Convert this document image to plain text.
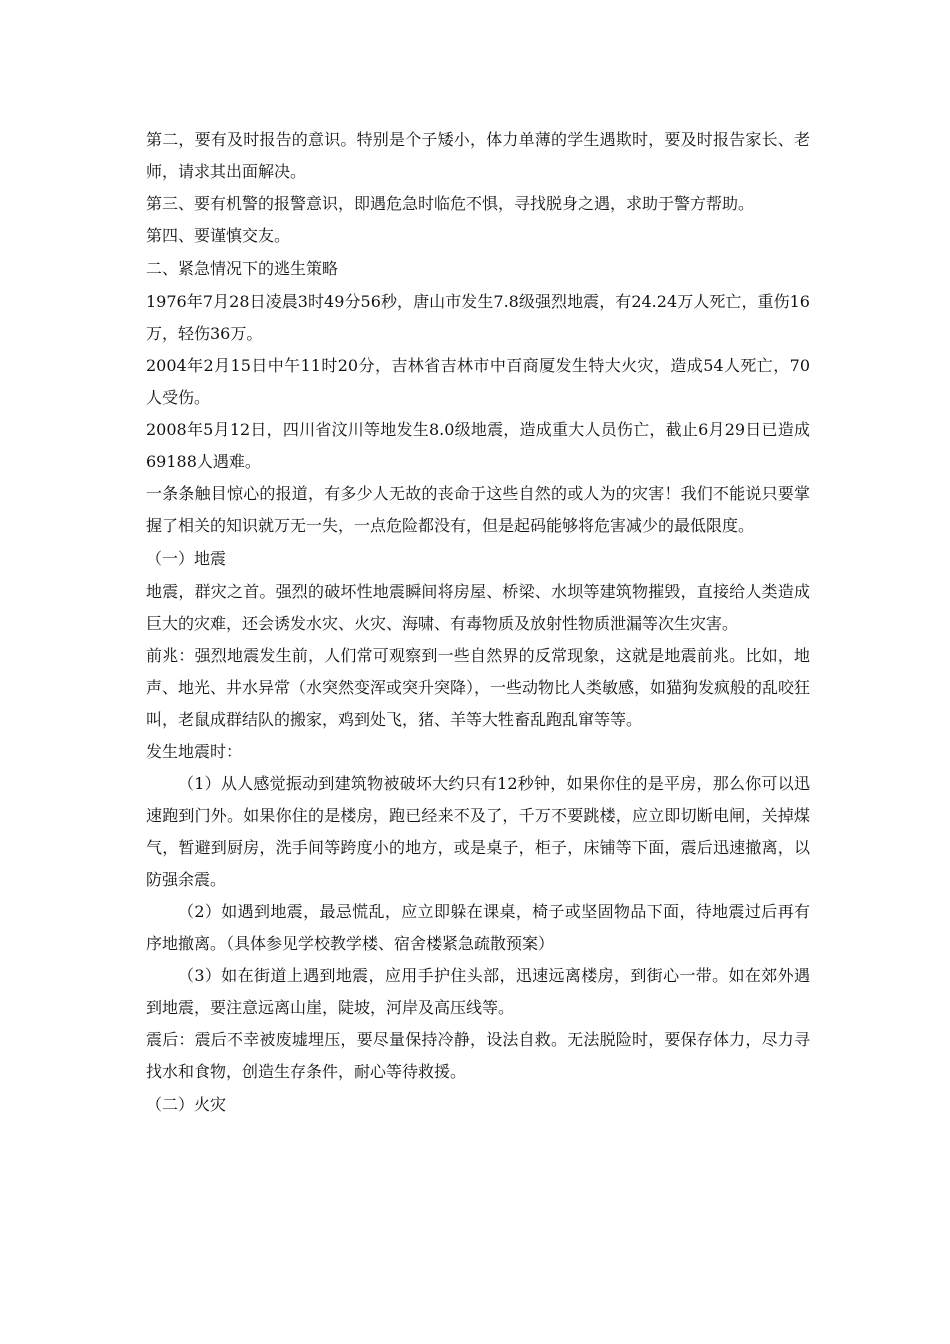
第二，要有及时报告的意识。特别是个子矮小，体力单薄的学生遇欺时，要及时报告家长、老师，请求其出面解决。

第三、要有机警的报警意识，即遇危急时临危不惧，寻找脱身之遇，求助于警方帮助。

第四、要谨慎交友。

二、紧急情况下的逃生策略

1976年7月28日凌晨3时49分56秒，唐山市发生7.8级强烈地震，有24.24万人死亡，重伤16万，轻伤36万。

2004年2月15日中午11时20分，吉林省吉林市中百商厦发生特大火灾，造成54人死亡，70人受伤。

2008年5月12日，四川省汶川等地发生8.0级地震，造成重大人员伤亡，截止6月29日已造成69188人遇难。

一条条触目惊心的报道，有多少人无故的丧命于这些自然的或人为的灾害！我们不能说只要掌握了相关的知识就万无一失，一点危险都没有，但是起码能够将危害减少的最低限度。

（一）地震

地震，群灾之首。强烈的破坏性地震瞬间将房屋、桥梁、水坝等建筑物摧毁，直接给人类造成巨大的灾难，还会诱发水灾、火灾、海啸、有毒物质及放射性物质泄漏等次生灾害。

前兆：强烈地震发生前，人们常可观察到一些自然界的反常现象，这就是地震前兆。比如，地声、地光、井水异常（水突然变浑或突升突降），一些动物比人类敏感，如猫狗发疯般的乱咬狂叫，老鼠成群结队的搬家，鸡到处飞，猪、羊等大牲畜乱跑乱窜等等。

发生地震时：

（1）从人感觉振动到建筑物被破坏大约只有12秒钟，如果你住的是平房，那么你可以迅速跑到门外。如果你住的是楼房，跑已经来不及了，千万不要跳楼，应立即切断电闸，关掉煤气，暂避到厨房，洗手间等跨度小的地方，或是桌子，柜子，床铺等下面，震后迅速撤离，以防强余震。

（2）如遇到地震，最忌慌乱，应立即躲在课桌，椅子或坚固物品下面，待地震过后再有序地撤离。（具体参见学校教学楼、宿舍楼紧急疏散预案）

（3）如在街道上遇到地震，应用手护住头部，迅速远离楼房，到街心一带。如在郊外遇到地震，要注意远离山崖，陡坡，河岸及高压线等。

震后：震后不幸被废墟埋压，要尽量保持冷静，设法自救。无法脱险时，要保存体力，尽力寻找水和食物，创造生存条件，耐心等待救援。

（二）火灾
